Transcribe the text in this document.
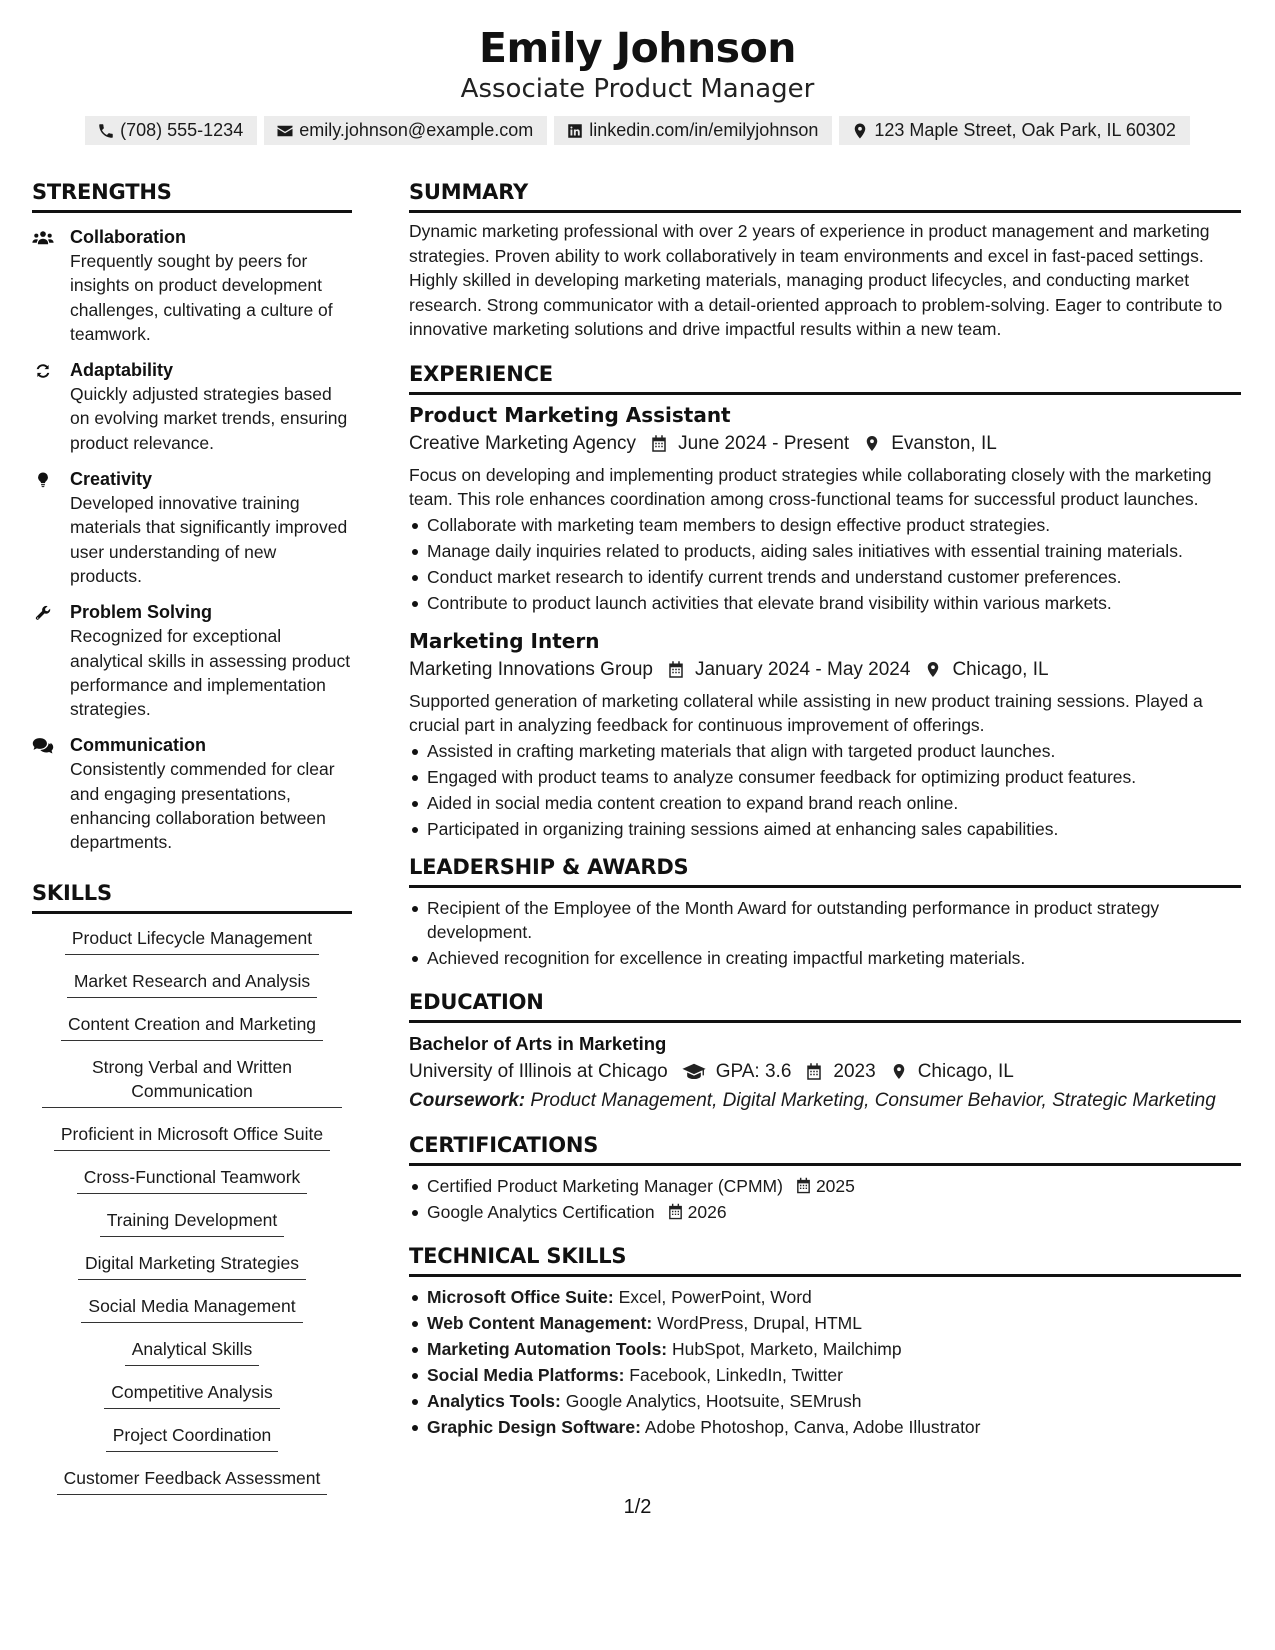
Emily Johnson
Associate Product Manager
(708) 555-1234	emily.johnson@example.com	linkedin.com/in/emilyjohnson	123 Maple Street, Oak Park, IL 60302
STRENGTHS
Collaboration

Frequently sought by peers for insights on product development challenges, cultivating a culture of teamwork.

Adaptability

Quickly adjusted strategies based on evolving market trends, ensuring product relevance.

Creativity

Developed innovative training materials that significantly improved user understanding of new products.

Problem Solving

Recognized for exceptional analytical skills in assessing product performance and implementation strategies.

Communication

Consistently commended for clear and engaging presentations, enhancing collaboration between departments.

SKILLS
Product Lifecycle Management
Market Research and Analysis
Content Creation and Marketing
Strong Verbal and Written Communication
Proficient in Microsoft Office Suite
Cross-Functional Teamwork
Training Development
Digital Marketing Strategies
Social Media Management
Analytical Skills
Competitive Analysis
Project Coordination
Customer Feedback Assessment
SUMMARY

Dynamic marketing professional with over 2 years of experience in product management and marketing strategies. Proven ability to work collaboratively in team environments and excel in fast-paced settings. Highly skilled in developing marketing materials, managing product lifecycles, and conducting market research. Strong communicator with a detail-oriented approach to problem-solving. Eager to contribute to innovative marketing solutions and drive impactful results within a new team.

EXPERIENCE
Product Marketing Assistant
Creative Marketing Agency June 2024 - Present Evanston, IL

Focus on developing and implementing product strategies while collaborating closely with the marketing team. This role enhances coordination among cross-functional teams for successful product launches.

Collaborate with marketing team members to design effective product strategies.
Manage daily inquiries related to products, aiding sales initiatives with essential training materials.
Conduct market research to identify current trends and understand customer preferences.
Contribute to product launch activities that elevate brand visibility within various markets.
Marketing Intern
Marketing Innovations Group January 2024 - May 2024 Chicago, IL

Supported generation of marketing collateral while assisting in new product training sessions. Played a crucial part in analyzing feedback for continuous improvement of offerings.

Assisted in crafting marketing materials that align with targeted product launches.
Engaged with product teams to analyze consumer feedback for optimizing product features.
Aided in social media content creation to expand brand reach online.
Participated in organizing training sessions aimed at enhancing sales capabilities.
LEADERSHIP & AWARDS
Recipient of the Employee of the Month Award for outstanding performance in product strategy development.
Achieved recognition for excellence in creating impactful marketing materials.
EDUCATION
Bachelor of Arts in Marketing
University of Illinois at Chicago	GPA: 3.6 2023 Chicago, IL

Coursework: Product Management, Digital Marketing, Consumer Behavior, Strategic Marketing

CERTIFICATIONS
Certified Product Marketing Manager (CPMM) 2025
Google Analytics Certification 2026
TECHNICAL SKILLS
Microsoft Office Suite: Excel, PowerPoint, Word
Web Content Management: WordPress, Drupal, HTML
Marketing Automation Tools: HubSpot, Marketo, Mailchimp
Social Media Platforms: Facebook, LinkedIn, Twitter
Analytics Tools: Google Analytics, Hootsuite, SEMrush
Graphic Design Software: Adobe Photoshop, Canva, Adobe Illustrator
1/2
